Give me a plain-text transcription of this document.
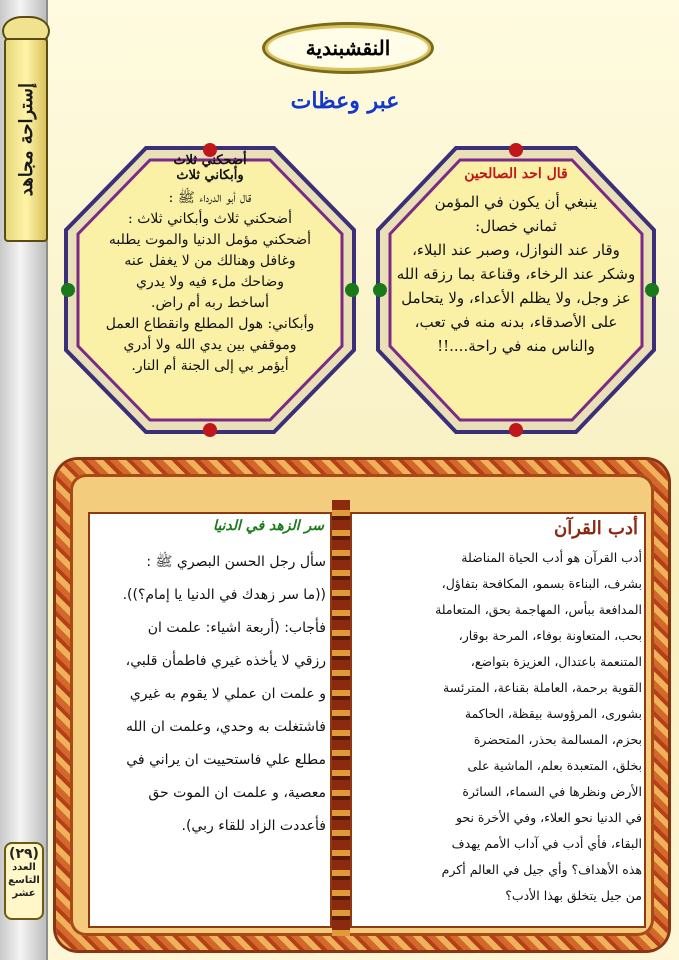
إستراحة مجاهد
(٢٩)
العدد
التاسع
عشر
النقشبندية
عبر وعظات
قال احد الصالحين
ينبغي أن يكون في المؤمن
ثماني خصال:
وقار عند النوازل، وصبر عند البلاء،
وشكر عند الرخاء، وقناعة بما رزقه الله
عز وجل، ولا يظلم الأعداء، ولا يتحامل
على الأصدقاء، بدنه منه في تعب،
والناس منه في راحة....!!
أضحكني ثلاث
وأبكاني ثلاث
قال أبو الدرداء ﷺ :
أضحكني ثلاث وأبكاني ثلاث :
أضحكني مؤمل الدنيا والموت يطلبه
وغافل وهنالك من لا يغفل عنه
وضاحك ملء فيه ولا يدري
أساخط ربه أم راض.
وأبكاني: هول المطلع وانقطاع العمل
وموقفي بين يدي الله ولا أدري
أيؤمر بي إلى الجنة أم النار.
أدب القرآن
أدب القرآن هو أدب الحياة المناضلة
بشرف، البناءة بسمو، المكافحة بتفاؤل،
المدافعة ببأس، المهاجمة بحق، المتعاملة
بحب، المتعاونة بوفاء، المرحة بوقار،
المتنعمة باعتدال، العزيزة بتواضع،
القوية برحمة، العاملة بقناعة، المترئسة
بشورى، المرؤوسة بيقظة، الحاكمة
بحزم، المسالمة بحذر، المتحضرة
بخلق، المتعبدة بعلم، الماشية على
الأرض ونظرها في السماء، السائرة
في الدنيا نحو العلاء، وفي الأخرة نحو
البقاء، فأي أدب في آداب الأمم يهدف
هذه الأهداف؟ وأي جيل في العالم أكرم
من جيل يتخلق بهذا الأدب؟
سر الزهد في الدنيا
سأل رجل الحسن البصري ﷺ :
((ما سر زهدك في الدنيا يا إمام؟)).
فأجاب: (أربعة اشياء: علمت ان
رزقي لا يأخذه غيري فاطمأن قلبي،
و علمت ان عملي لا يقوم به غيري
فاشتغلت به وحدي، وعلمت ان الله
مطلع علي فاستحييت ان يراني في
معصية، و علمت ان الموت حق
فأعددت الزاد للقاء ربي).
